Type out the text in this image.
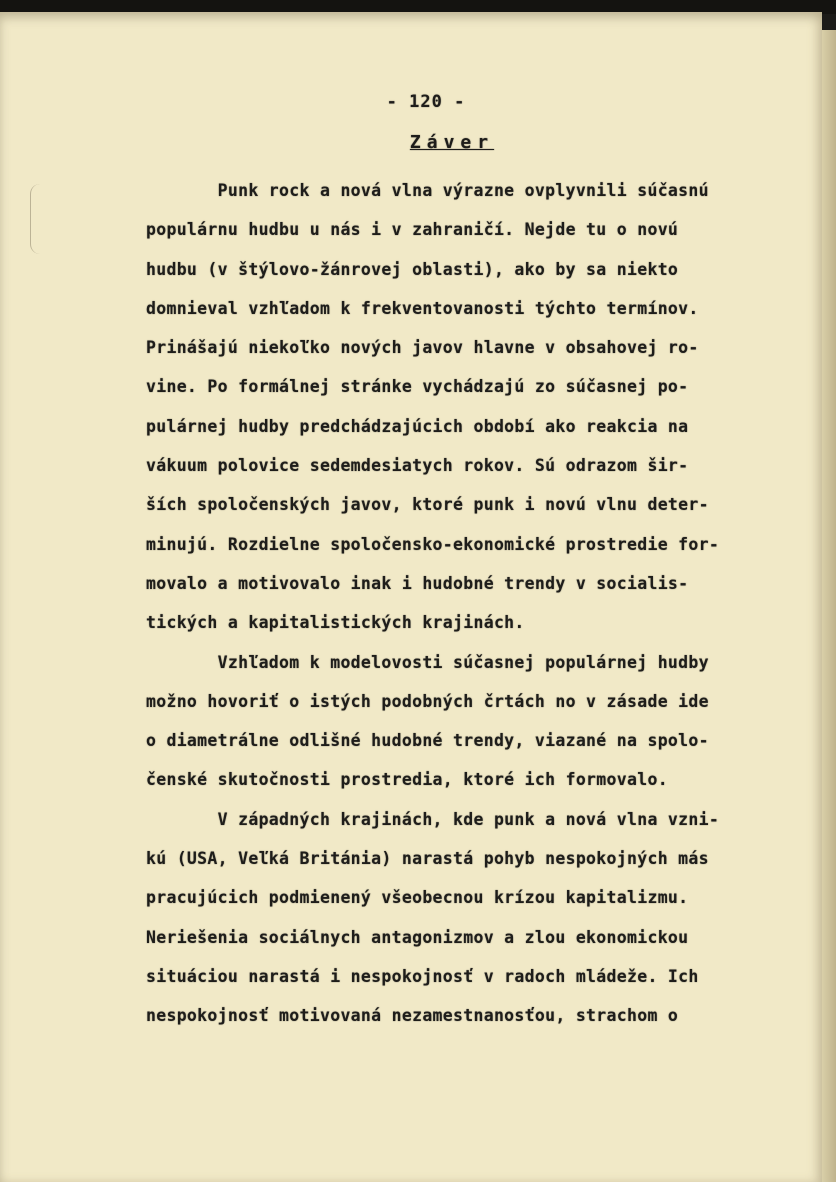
- 120 -
Záver
Punk rock a nová vlna výrazne ovplyvnili súčasnú
populárnu hudbu u nás i v zahraničí. Nejde tu o novú
hudbu (v štýlovo-žánrovej oblasti), ako by sa niekto
domnieval vzhľadom k frekventovanosti týchto termínov.
Prinášajú niekoľko nových javov hlavne v obsahovej ro-
vine. Po formálnej stránke vychádzajú zo súčasnej po-
pulárnej hudby predchádzajúcich období ako reakcia na
vákuum polovice sedemdesiatych rokov. Sú odrazom šir-
ších spoločenských javov, ktoré punk i novú vlnu deter-
minujú. Rozdielne spoločensko-ekonomické prostredie for-
movalo a motivovalo inak i hudobné trendy v socialis-
tických a kapitalistických krajinách.
Vzhľadom k modelovosti súčasnej populárnej hudby
možno hovoriť o istých podobných črtách no v zásade ide
o diametrálne odlišné hudobné trendy, viazané na spolo-
čenské skutočnosti prostredia, ktoré ich formovalo.
V západných krajinách, kde punk a nová vlna vzni-
kú (USA, Veľká Británia) narastá pohyb nespokojných más
pracujúcich podmienený všeobecnou krízou kapitalizmu.
Neriešenia sociálnych antagonizmov a zlou ekonomickou
situáciou narastá i nespokojnosť v radoch mládeže. Ich
nespokojnosť motivovaná nezamestnanosťou, strachom o
